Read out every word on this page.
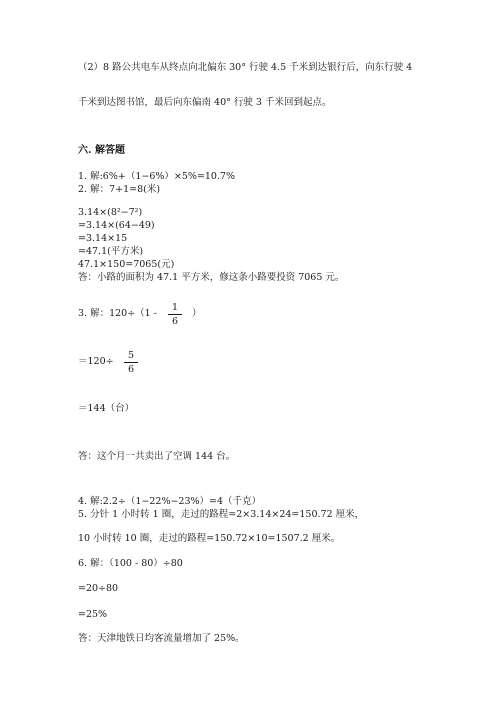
（2）8 路公共电车从终点向北偏东 30° 行驶 4.5 千米到达银行后，向东行驶 4
千米到达图书馆，最后向东偏南 40° 行驶 3 千米回到起点。
六. 解答题
1. 解:6%+（1−6%）×5%=10.7%
2. 解：7+1=8(米)
3.14×(8²−7²)
=3.14×(64−49)
=3.14×15
=47.1(平方米)
47.1×150=7065(元)
答：小路的面积为 47.1 平方米，修这条小路要投资 7065 元。
3. 解：$120\div(1 - \frac{1}{6}$ ）
$=120\div \frac{5}{6}$
＝144（台）
答：这个月一共卖出了空调 144 台。
4. 解:2.2÷（1−22%−23%）=4（千克）
5. 分针 1 小时转 1 圈，走过的路程=2×3.14×24=150.72 厘米，
10 小时转 10 圈，走过的路程=150.72×10=1507.2 厘米。
6. 解：（100 - 80）÷80
=20÷80
=25%
答：天津地铁日均客流量增加了 25%。
